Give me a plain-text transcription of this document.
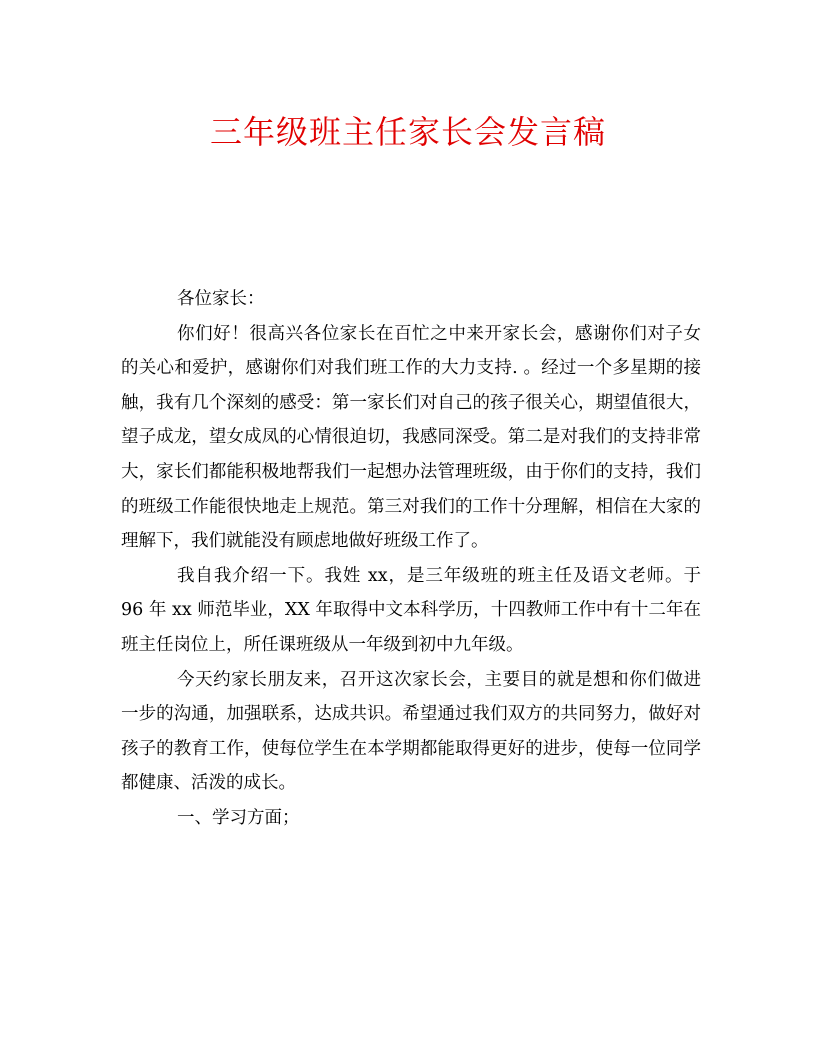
三年级班主任家长会发言稿

各位家长：

你们好！很高兴各位家长在百忙之中来开家长会，感谢你们对子女的关心和爱护，感谢你们对我们班工作的大力支持. 。经过一个多星期的接触，我有几个深刻的感受：第一家长们对自己的孩子很关心，期望值很大，望子成龙，望女成凤的心情很迫切，我感同深受。第二是对我们的支持非常大，家长们都能积极地帮我们一起想办法管理班级，由于你们的支持，我们的班级工作能很快地走上规范。第三对我们的工作十分理解，相信在大家的理解下，我们就能没有顾虑地做好班级工作了。

我自我介绍一下。我姓 xx，是三年级班的班主任及语文老师。于 96 年 xx 师范毕业，XX 年取得中文本科学历，十四教师工作中有十二年在班主任岗位上，所任课班级从一年级到初中九年级。

今天约家长朋友来，召开这次家长会，主要目的就是想和你们做进一步的沟通，加强联系，达成共识。希望通过我们双方的共同努力，做好对孩子的教育工作，使每位学生在本学期都能取得更好的进步，使每一位同学都健康、活泼的成长。

一、学习方面；
